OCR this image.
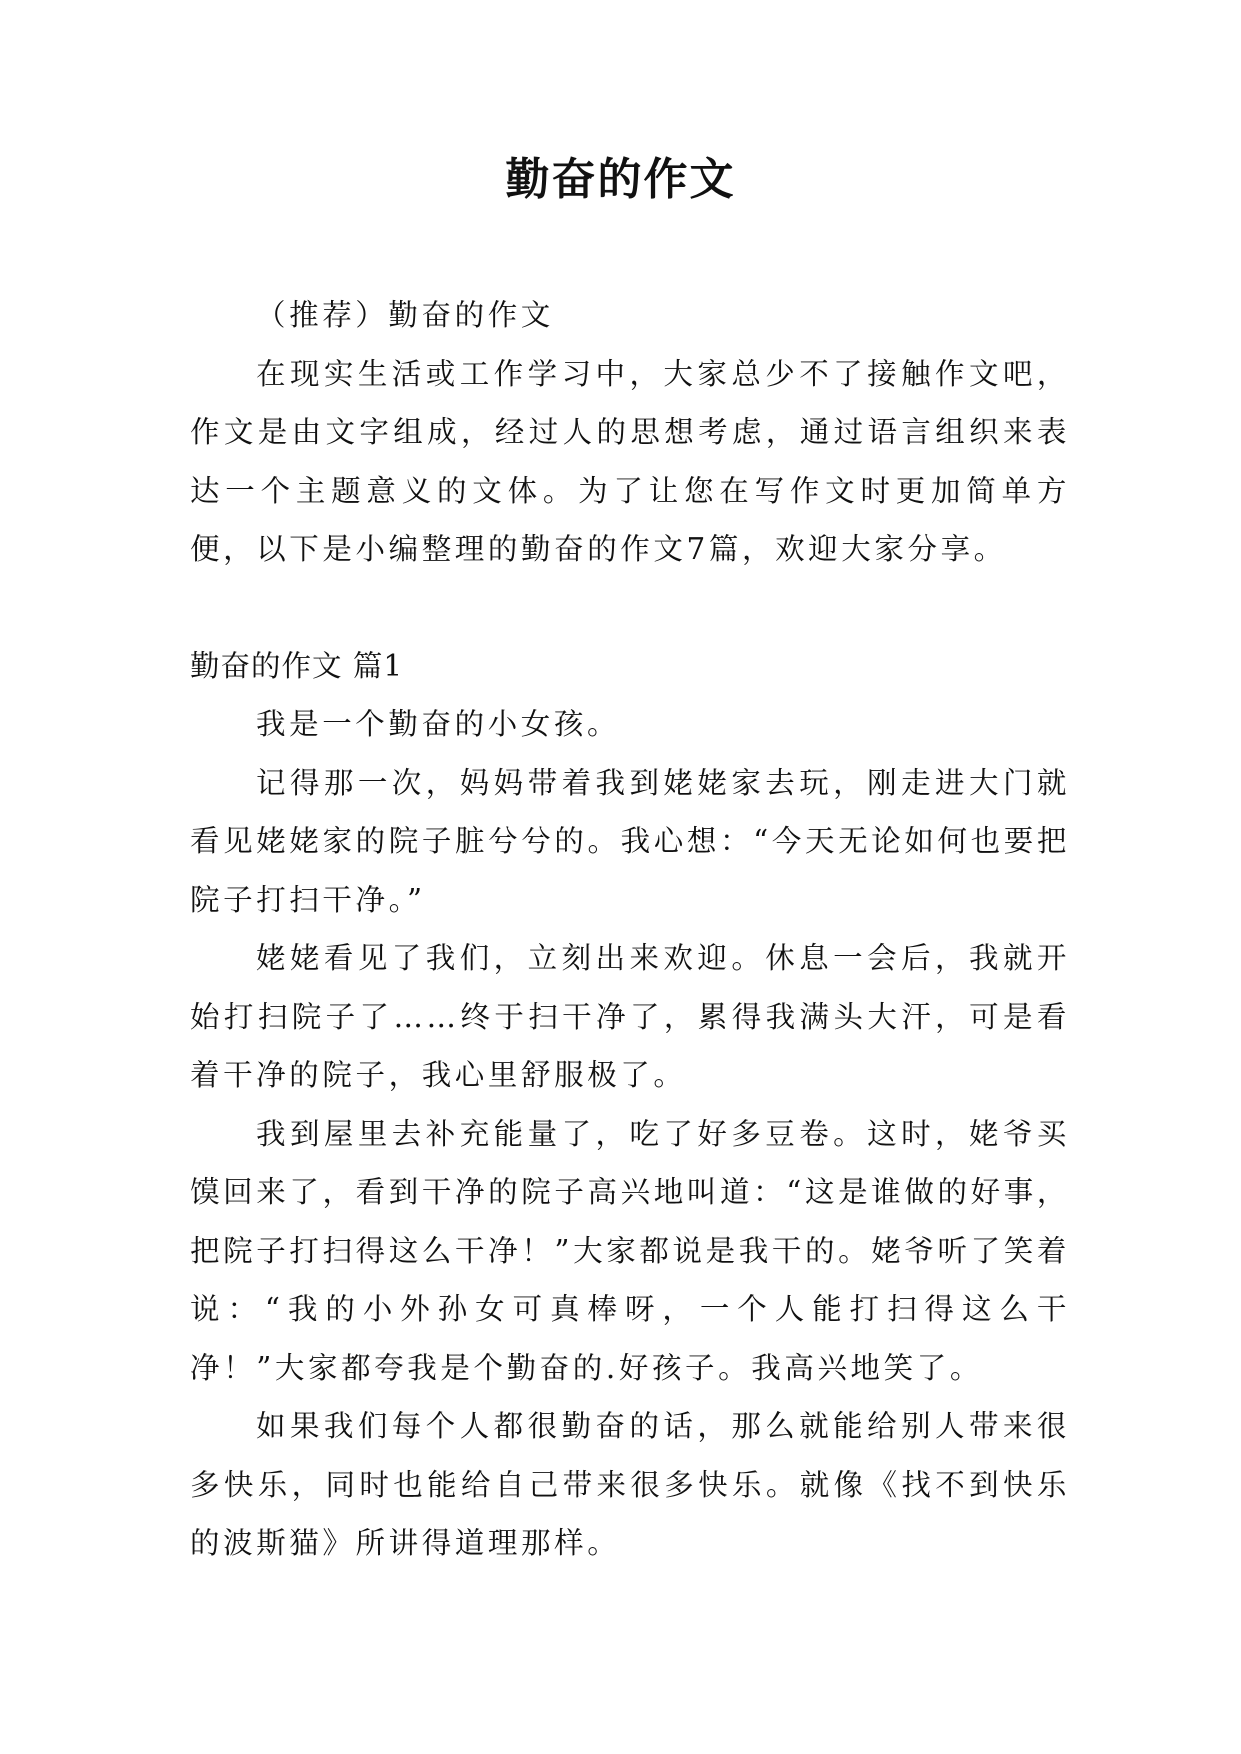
勤奋的作文

（推荐）勤奋的作文

在现实生活或工作学习中，大家总少不了接触作文吧，作文是由文字组成，经过人的思想考虑，通过语言组织来表达一个主题意义的文体。为了让您在写作文时更加简单方便，以下是小编整理的勤奋的作文7篇，欢迎大家分享。

勤奋的作文 篇1

我是一个勤奋的小女孩。

记得那一次，妈妈带着我到姥姥家去玩，刚走进大门就看见姥姥家的院子脏兮兮的。我心想：“今天无论如何也要把院子打扫干净。”

姥姥看见了我们，立刻出来欢迎。休息一会后，我就开始打扫院子了……终于扫干净了，累得我满头大汗，可是看着干净的院子，我心里舒服极了。

我到屋里去补充能量了，吃了好多豆卷。这时，姥爷买馍回来了，看到干净的院子高兴地叫道：“这是谁做的好事，把院子打扫得这么干净！”大家都说是我干的。姥爷听了笑着说：“我的小外孙女可真棒呀，一个人能打扫得这么干净！”大家都夸我是个勤奋的.好孩子。我高兴地笑了。

如果我们每个人都很勤奋的话，那么就能给别人带来很多快乐，同时也能给自己带来很多快乐。就像《找不到快乐的波斯猫》所讲得道理那样。
